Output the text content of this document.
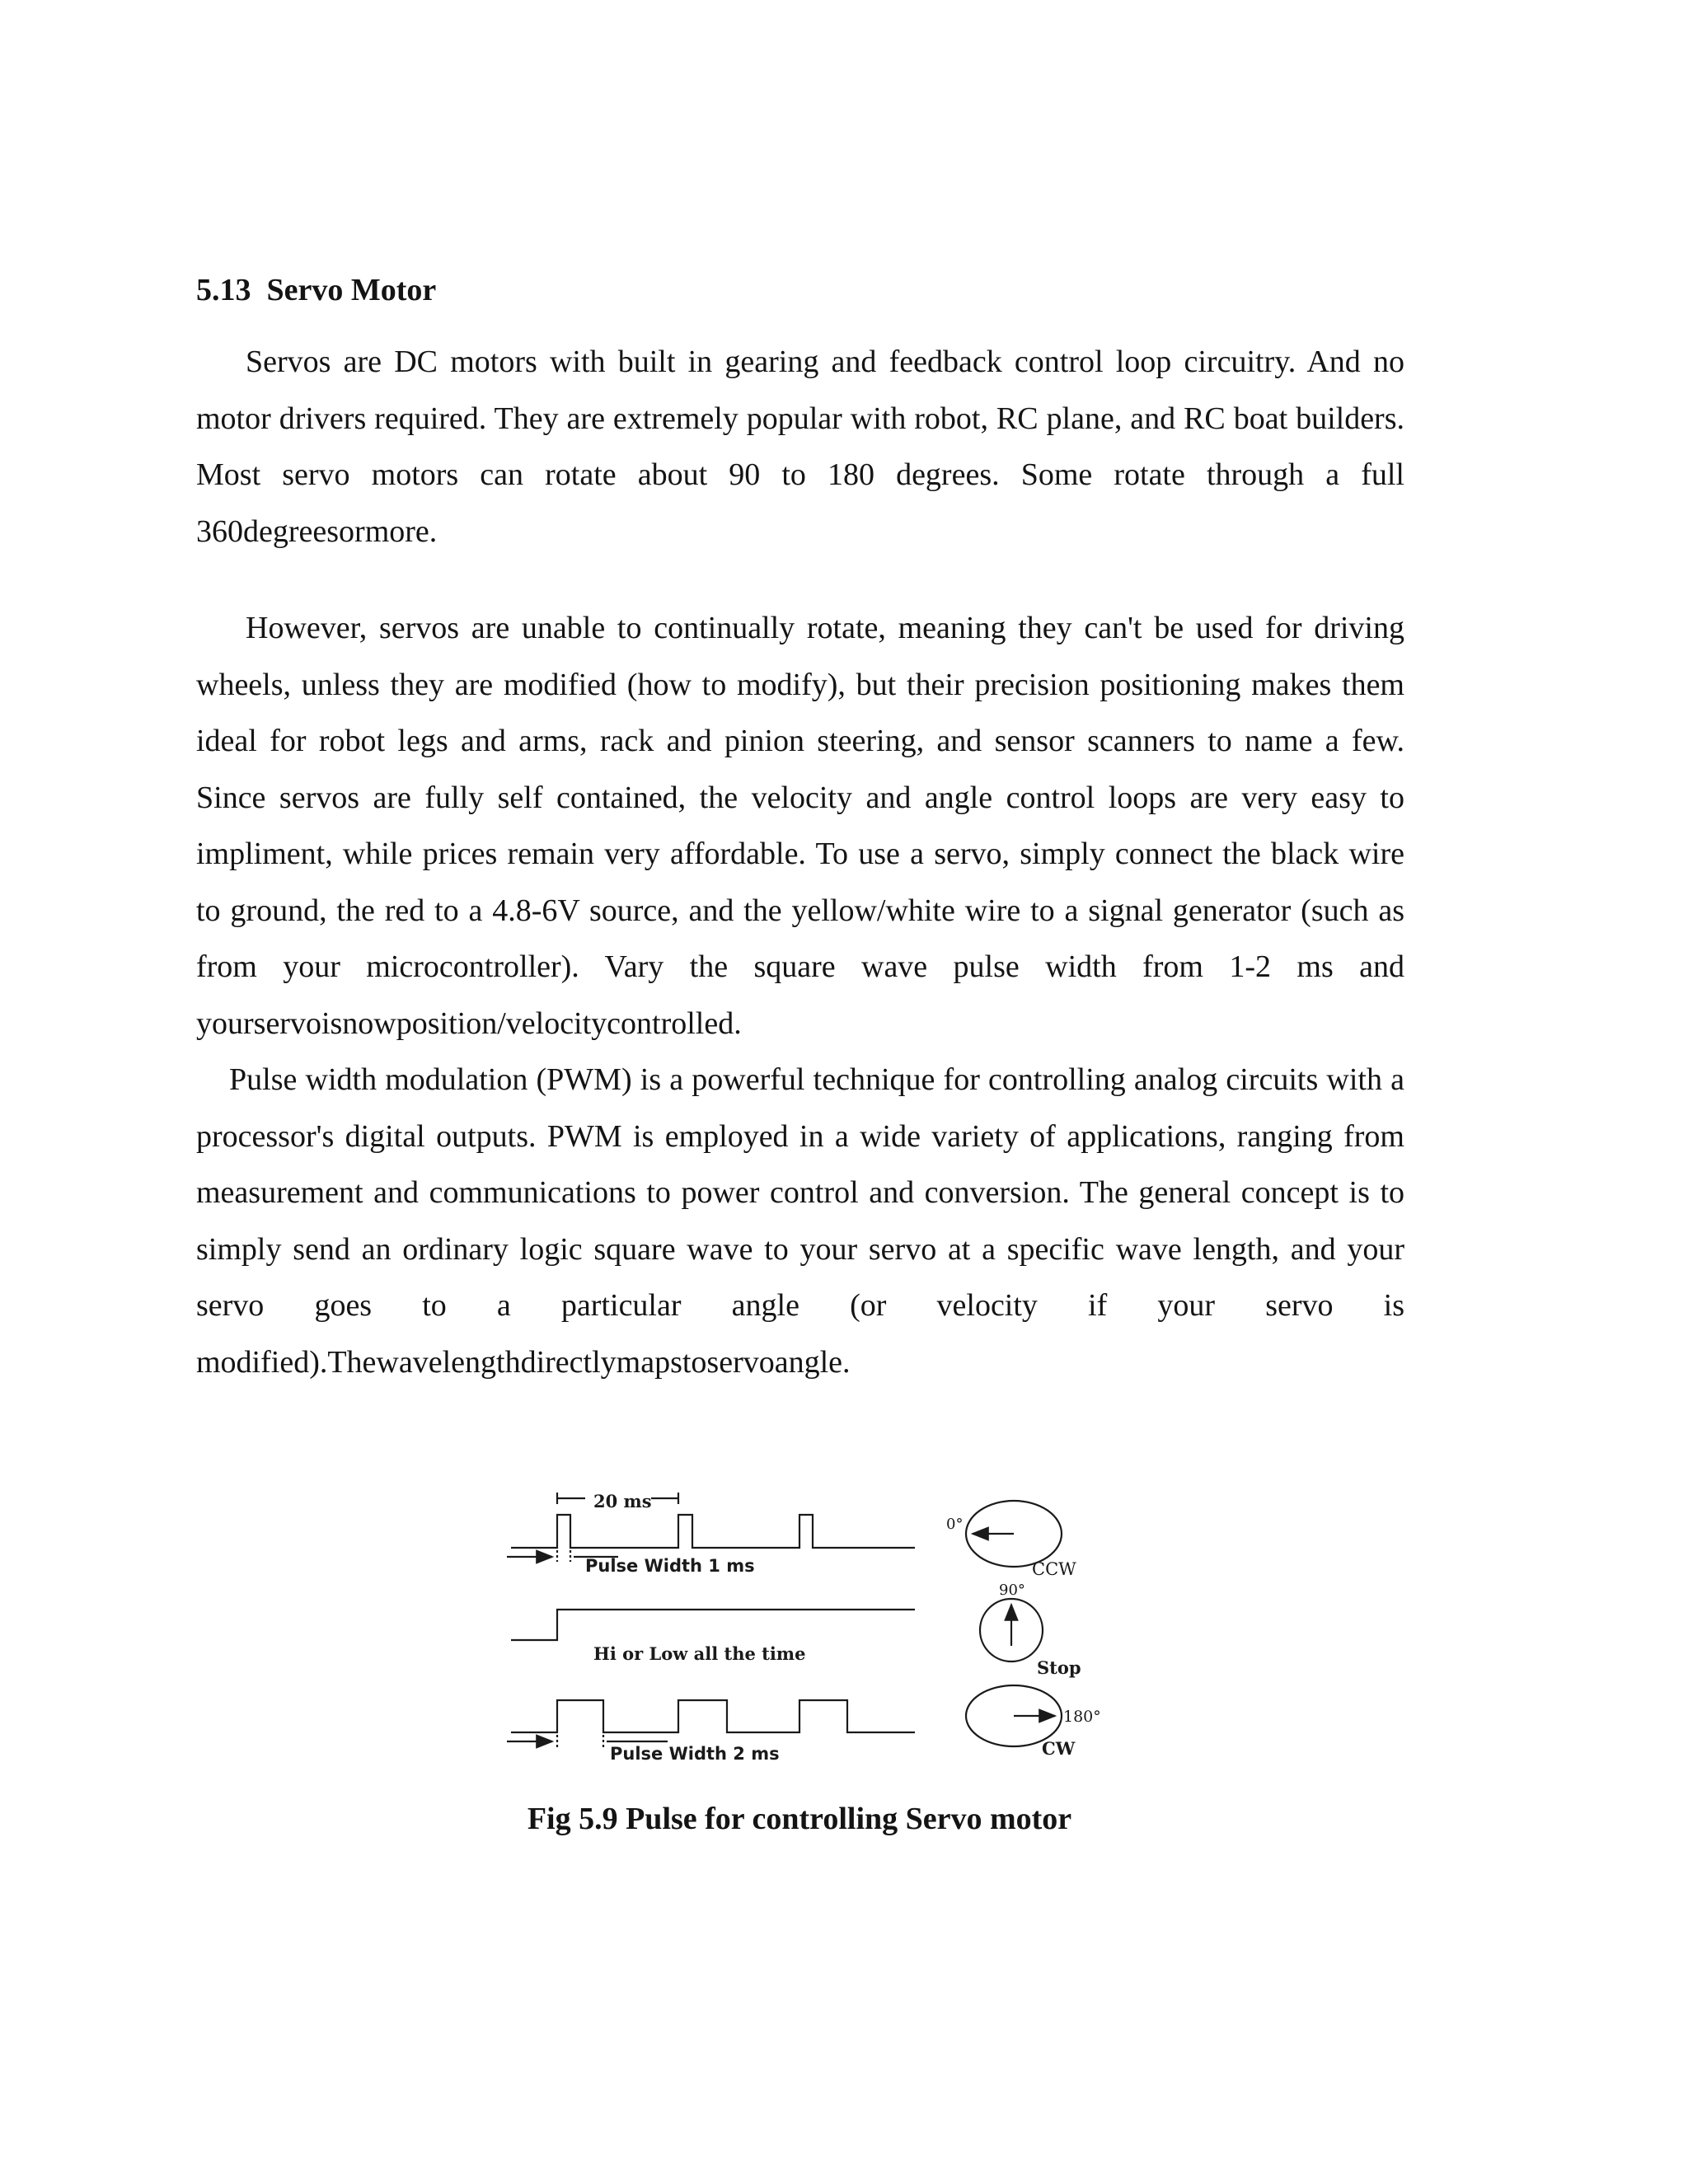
5.13  Servo Motor

Servos are DC motors with built in gearing and feedback control loop circuitry. And no motor drivers required. They are extremely popular with robot, RC plane, and RC boat builders. Most servo motors can rotate about 90 to 180 degrees. Some rotate through a full 360degreesormore.

However, servos are unable to continually rotate, meaning they can't be used for driving wheels, unless they are modified (how to modify), but their precision positioning makes them ideal for robot legs and arms, rack and pinion steering, and sensor scanners to name a few. Since servos are fully self contained, the velocity and angle control loops are very easy to impliment, while prices remain very affordable. To use a servo, simply connect the black wire to ground, the red to a 4.8-6V source, and the yellow/white wire to a signal generator (such as from your microcontroller). Vary the square wave pulse width from 1-2 ms and yourservoisnowposition/velocitycontrolled.

Pulse width modulation (PWM) is a powerful technique for controlling analog circuits with a processor's digital outputs. PWM is employed in a wide variety of applications, ranging from measurement and communications to power control and conversion. The general concept is to simply send an ordinary logic square wave to your servo at a specific wave length, and your servo goes to a particular angle (or velocity if your servo is modified).Thewavelengthdirectlymapstoservoangle.

20 ms
Pulse Width 1 ms
Hi or Low all the time
Pulse Width 2 ms
0°
CCW
90°
Stop
180°
CW

Fig 5.9 Pulse for controlling Servo motor
